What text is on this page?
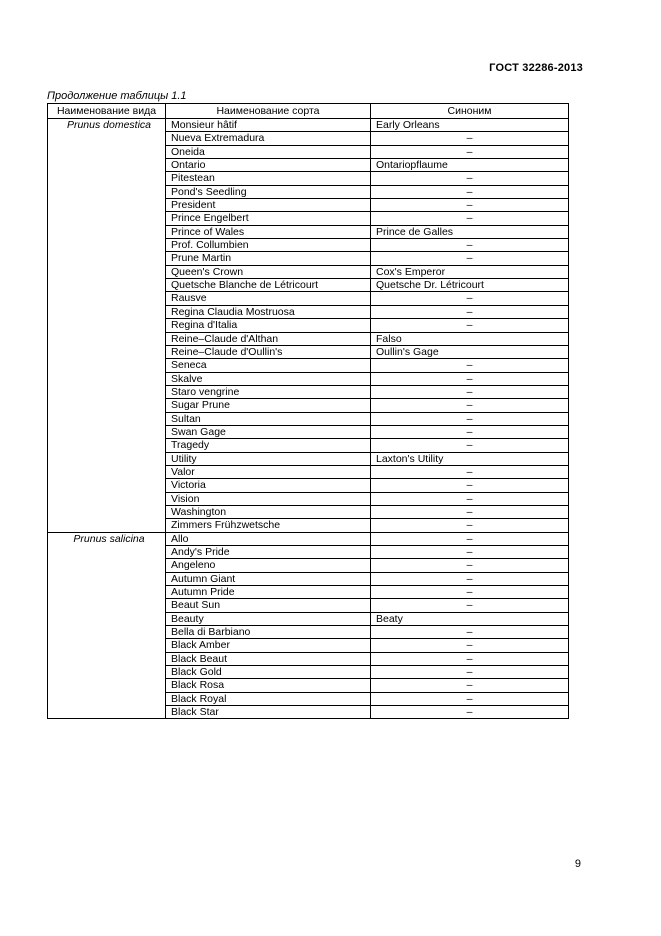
ГОСТ 32286-2013
Продолжение таблицы 1.1
Наименование вида	Наименование сорта	Синоним
Prunus domestica	Monsieur hâtif	Early Orleans
	Nueva Extremadura	–
	Oneida	–
	Ontario	Ontariopflaume
	Pitestean	–
	Pond's Seedling	–
	President	–
	Prince Engelbert	–
	Prince of Wales	Prince de Galles
	Prof. Collumbien	–
	Prune Martin	–
	Queen's Crown	Cox's Emperor
	Quetsche Blanche de Létricourt	Quetsche Dr. Létricourt
	Rausve	–
	Regina Claudia Mostruosa	–
	Regina d'Italia	–
	Reine–Claude d'Althan	Falso
	Reine–Claude d'Oullin's	Oullin's Gage
	Seneca	–
	Skalve	–
	Staro vengrine	–
	Sugar Prune	–
	Sultan	–
	Swan Gage	–
	Tragedy	–
	Utility	Laxton's Utility
	Valor	–
	Victoria	–
	Vision	–
	Washington	–
	Zimmers Frühzwetsche	–
Prunus salicina	Allo	–
	Andy's Pride	–
	Angeleno	–
	Autumn Giant	–
	Autumn Pride	–
	Beaut Sun	–
	Beauty	Beaty
	Bella di Barbiano	–
	Black Amber	–
	Black Beaut	–
	Black Gold	–
	Black Rosa	–
	Black Royal	–
	Black Star	–
9
